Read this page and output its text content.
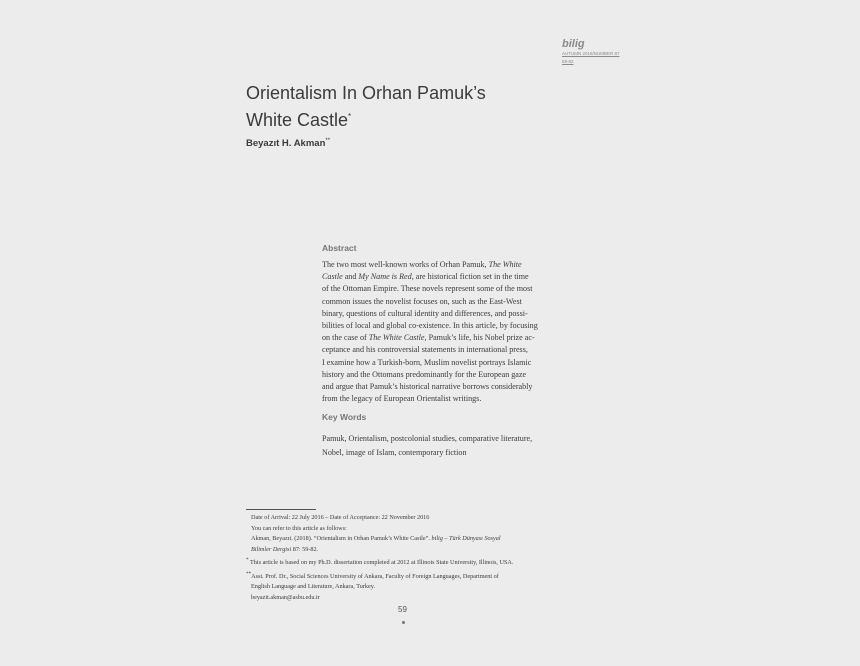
bilig
AUTUMN 2018/NUMBER 87
59-82
Orientalism In Orhan Pamuk’s
White Castle*
Beyazıt H. Akman**
Abstract
The two most well-known works of Orhan Pamuk, The White
Castle and My Name is Red, are historical fiction set in the time
of the Ottoman Empire. These novels represent some of the most
common issues the novelist focuses on, such as the East-West
binary, questions of cultural identity and differences, and possi-
bilities of local and global co-existence. In this article, by focusing
on the case of The White Castle, Pamuk’s life, his Nobel prize ac-
ceptance and his controversial statements in international press,
I examine how a Turkish-born, Muslim novelist portrays Islamic
history and the Ottomans predominantly for the European gaze
and argue that Pamuk’s historical narrative borrows considerably
from the legacy of European Orientalist writings.
Key Words
Pamuk, Orientalism, postcolonial studies, comparative literature,
Nobel, image of Islam, contemporary fiction
Date of Arrival: 22 July 2016 – Date of Acceptance: 22 November 2016
You can refer to this article as follows:
Akman, Beyazıt. (2018). “Orientalism in Orhan Pamuk’s White Castle”. bilig – Türk Dünyası Sosyal
Bilimler Dergisi 87: 59-82.
* This article is based on my Ph.D. dissertation completed at 2012 at Illinois State University, Illinois, USA.
**Asst. Prof. Dr., Social Sciences University of Ankara, Faculty of Foreign Languages, Department of
English Language and Literature, Ankara, Turkey.
beyazit.akman@asbu.edu.tr
59
